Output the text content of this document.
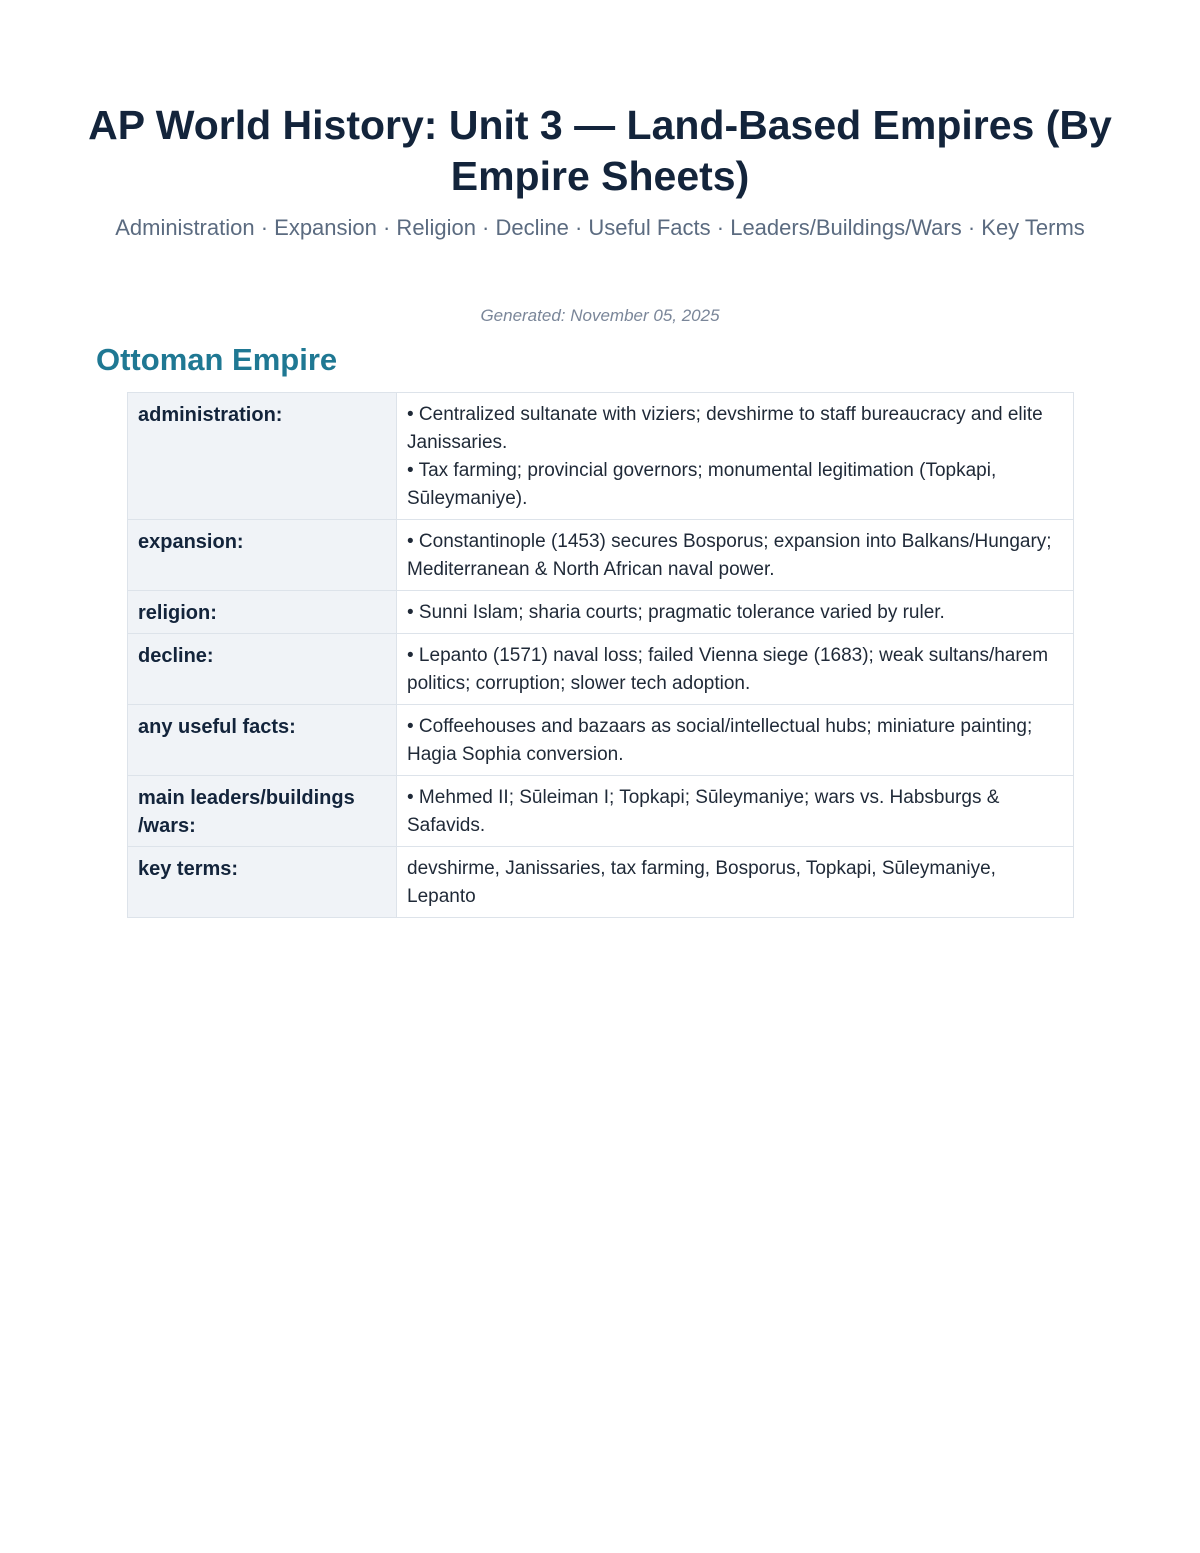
AP World History: Unit 3 — Land-Based Empires (By Empire Sheets)

Administration · Expansion · Religion · Decline · Useful Facts · Leaders/Buildings/Wars · Key Terms

Generated: November 05, 2025
Ottoman Empire
administration:	• Centralized sultanate with viziers; devshirme to staff bureaucracy and elite Janissaries.
• Tax farming; provincial governors; monumental legitimation (Topkapi, Sūleymaniye).

expansion:	• Constantinople (1453) secures Bosporus; expansion into Balkans/Hungary; Mediterranean & North African naval power.

religion:	• Sunni Islam; sharia courts; pragmatic tolerance varied by ruler.

decline:	• Lepanto (1571) naval loss; failed Vienna siege (1683); weak sultans/harem politics; corruption; slower tech adoption.

any useful facts:	• Coffeehouses and bazaars as social/intellectual hubs; miniature painting; Hagia Sophia conversion.

main leaders/buildings /wars:	• Mehmed II; Sūleiman I; Topkapi; Sūleymaniye; wars vs. Habsburgs & Safavids.

key terms:	devshirme, Janissaries, tax farming, Bosporus, Topkapi, Sūleymaniye, Lepanto
